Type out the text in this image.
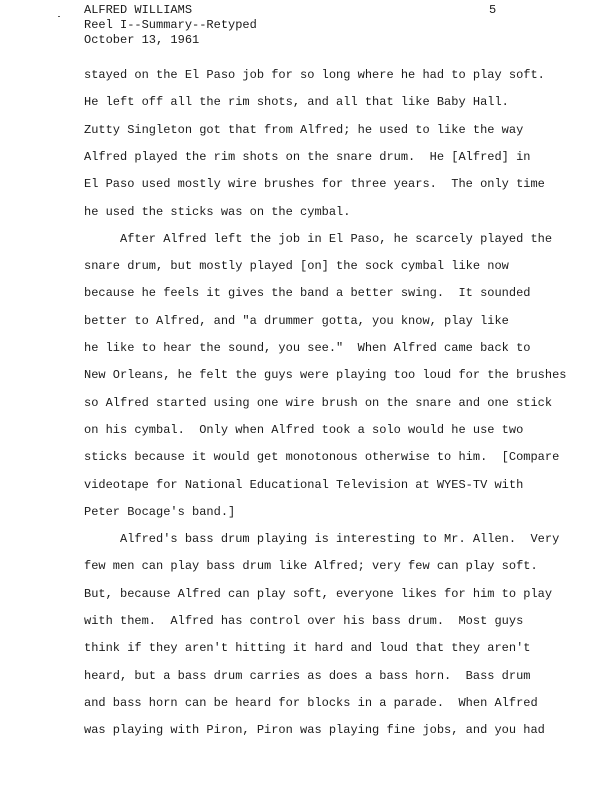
ALFRED WILLIAMS
Reel I--Summary--Retyped
October 13, 1961
5
stayed on the El Paso job for so long where he had to play soft.
He left off all the rim shots, and all that like Baby Hall.
Zutty Singleton got that from Alfred; he used to like the way
Alfred played the rim shots on the snare drum.  He [Alfred] in
El Paso used mostly wire brushes for three years.  The only time
he used the sticks was on the cymbal.
After Alfred left the job in El Paso, he scarcely played the
snare drum, but mostly played [on] the sock cymbal like now
because he feels it gives the band a better swing.  It sounded
better to Alfred, and "a drummer gotta, you know, play like
he like to hear the sound, you see."  When Alfred came back to
New Orleans, he felt the guys were playing too loud for the brushes
so Alfred started using one wire brush on the snare and one stick
on his cymbal.  Only when Alfred took a solo would he use two
sticks because it would get monotonous otherwise to him.  [Compare
videotape for National Educational Television at WYES-TV with
Peter Bocage's band.]
Alfred's bass drum playing is interesting to Mr. Allen.  Very
few men can play bass drum like Alfred; very few can play soft.
But, because Alfred can play soft, everyone likes for him to play
with them.  Alfred has control over his bass drum.  Most guys
think if they aren't hitting it hard and loud that they aren't
heard, but a bass drum carries as does a bass horn.  Bass drum
and bass horn can be heard for blocks in a parade.  When Alfred
was playing with Piron, Piron was playing fine jobs, and you had
